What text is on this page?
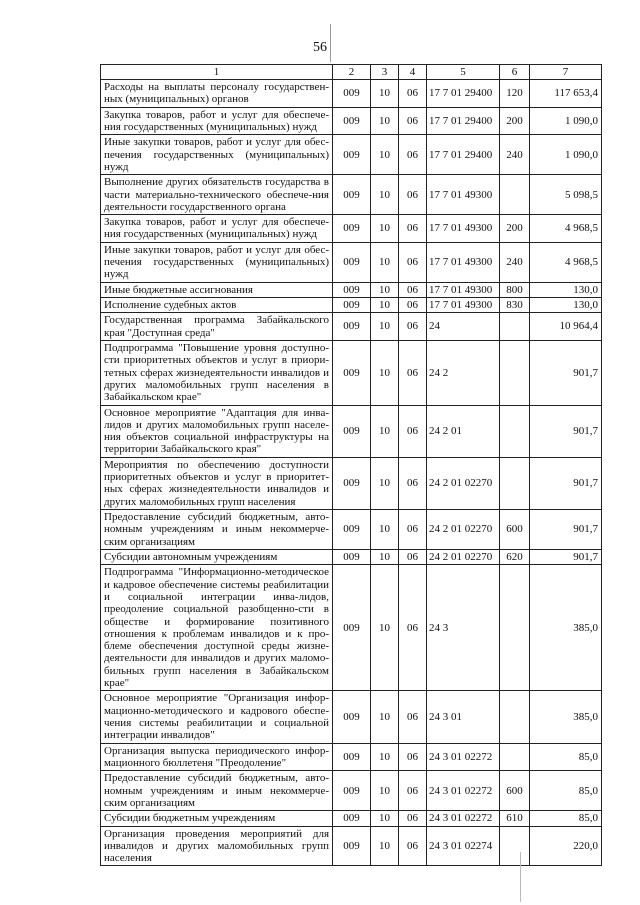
56
1	2	3	4	5	6	7
Расходы на выплаты персоналу государствен-ных (муниципальных) органов	009	10	06	17 7 01 29400	120	117 653,4
Закупка товаров, работ и услуг для обеспече-ния государственных (муниципальных) нужд	009	10	06	17 7 01 29400	200	1 090,0
Иные закупки товаров, работ и услуг для обес-печения государственных (муниципальных) нужд	009	10	06	17 7 01 29400	240	1 090,0
Выполнение других обязательств государства в части материально-технического обеспече-ния деятельности государственного органа	009	10	06	17 7 01 49300		5 098,5
Закупка товаров, работ и услуг для обеспече-ния государственных (муниципальных) нужд	009	10	06	17 7 01 49300	200	4 968,5
Иные закупки товаров, работ и услуг для обес-печения государственных (муниципальных) нужд	009	10	06	17 7 01 49300	240	4 968,5
Иные бюджетные ассигнования	009	10	06	17 7 01 49300	800	130,0
Исполнение судебных актов	009	10	06	17 7 01 49300	830	130,0
Государственная программа Забайкальского края "Доступная среда"	009	10	06	24		10 964,4
Подпрограмма "Повышение уровня доступно-сти приоритетных объектов и услуг в приори-тетных сферах жизнедеятельности инвалидов и других маломобильных групп населения в Забайкальском крае"	009	10	06	24 2		901,7
Основное мероприятие "Адаптация для инва-лидов и других маломобильных групп населе-ния объектов социальной инфраструктуры на территории Забайкальского края"	009	10	06	24 2 01		901,7
Мероприятия по обеспечению доступности приоритетных объектов и услуг в приоритет-ных сферах жизнедеятельности инвалидов и других маломобильных групп населения	009	10	06	24 2 01 02270		901,7
Предоставление субсидий бюджетным, авто-номным учреждениям и иным некоммерче-ским организациям	009	10	06	24 2 01 02270	600	901,7
Субсидии автономным учреждениям	009	10	06	24 2 01 02270	620	901,7
Подпрограмма "Информационно-методическое и кадровое обеспечение системы реабилитации и социальной интеграции инва-лидов, преодоление социальной разобщенно-сти в обществе и формирование позитивного отношения к проблемам инвалидов и к про-блеме обеспечения доступной среды жизне-деятельности для инвалидов и других маломо-бильных групп населения в Забайкальском крае"	009	10	06	24 3		385,0
Основное мероприятие "Организация инфор-мационно-методического и кадрового обеспе-чения системы реабилитации и социальной интеграции инвалидов"	009	10	06	24 3 01		385,0
Организация выпуска периодического инфор-мационного бюллетеня "Преодоление"	009	10	06	24 3 01 02272		85,0
Предоставление субсидий бюджетным, авто-номным учреждениям и иным некоммерче-ским организациям	009	10	06	24 3 01 02272	600	85,0
Субсидии бюджетным учреждениям	009	10	06	24 3 01 02272	610	85,0
Организация проведения мероприятий для инвалидов и других маломобильных групп населения	009	10	06	24 3 01 02274		220,0
